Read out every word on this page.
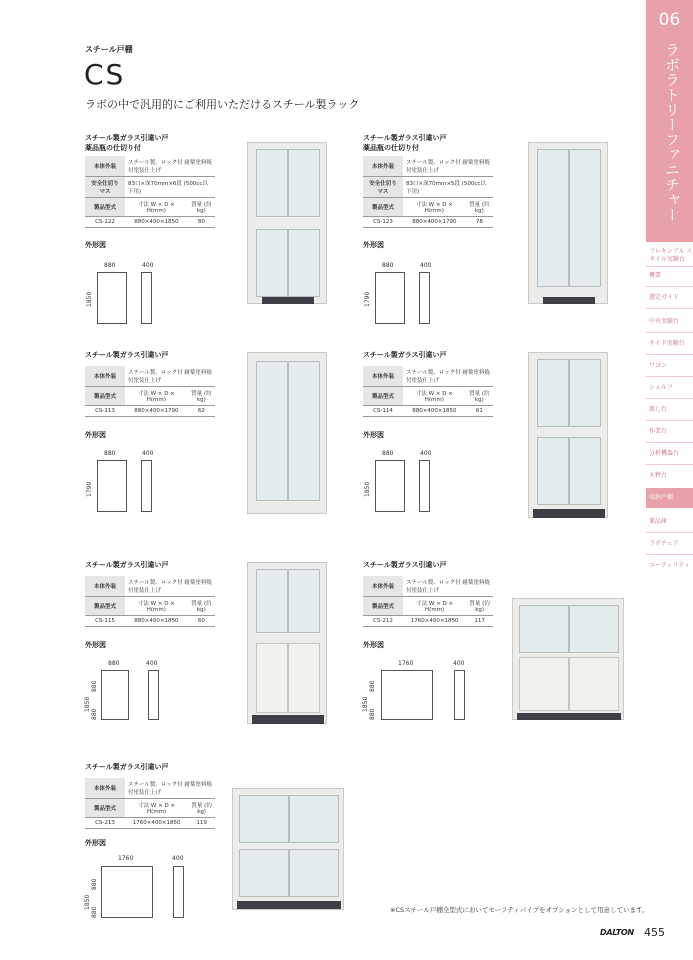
スチール戸棚
CS
ラボの中で汎用的にご利用いただけるスチール製ラック
06
ラボラトリーファニチャー
フレキシブル スタイル実験台
概要
選定ガイド
中央実験台
サイド実験台
ワゴン
シェルフ
流し台
作業台
分析機器台
天秤台
収納戸棚
薬品庫
ラボチェア
ユーティリティ
スチール製ガラス引違い戸
薬品瓶の仕切り付
本体外装	スチール製、ロック付 耐薬塗料焼付塗装仕上げ	
安全仕切り マス	83口×深70mm×6段 (500cc以下用)	
製品型式	寸法 W × D × H(mm)	質量 (約kg)
CS-122	880×400×1850	80
外形図
880	400
1850
スチール製ガラス引違い戸
薬品瓶の仕切り付
本体外装	スチール製、ロック付 耐薬塗料焼付塗装仕上げ	
安全仕切り マス	83口×深70mm×5段 (500cc以下用)	
製品型式	寸法 W × D × H(mm)	質量 (約kg)
CS-123	880×400×1790	78
外形図
880	400
1790
スチール製ガラス引違い戸
本体外装	スチール製、ロック付 耐薬塗料焼付塗装仕上げ	
製品型式	寸法 W × D × H(mm)	質量 (約kg)
CS-113	880×400×1790	62
外形図
880	400
1790
スチール製ガラス引違い戸
本体外装	スチール製、ロック付 耐薬塗料焼付塗装仕上げ	
製品型式	寸法 W × D × H(mm)	質量 (約kg)
CS-114	880×400×1850	61
外形図
880	400
1850
スチール製ガラス引違い戸
本体外装	スチール製、ロック付 耐薬塗料焼付塗装仕上げ	
製品型式	寸法 W × D × H(mm)	質量 (約kg)
CS-115	880×400×1850	60
外形図
880	400
1850
880
880
スチール製ガラス引違い戸
本体外装	スチール製、ロック付 耐薬塗料焼付塗装仕上げ	
製品型式	寸法 W × D × H(mm)	質量 (約kg)
CS-212	1760×400×1850	117
外形図
1760	400
1850
880
880
スチール製ガラス引違い戸
本体外装	スチール製、ロック付 耐薬塗料焼付塗装仕上げ	
製品型式	寸法 W × D × H(mm)	質量 (約kg)
CS-213	1760×400×1850	119
外形図
1760	400
1850
880
880	※CSスチール戸棚全型式においてセーフティパイプをオプションとして用意しています。
DALTON 455
